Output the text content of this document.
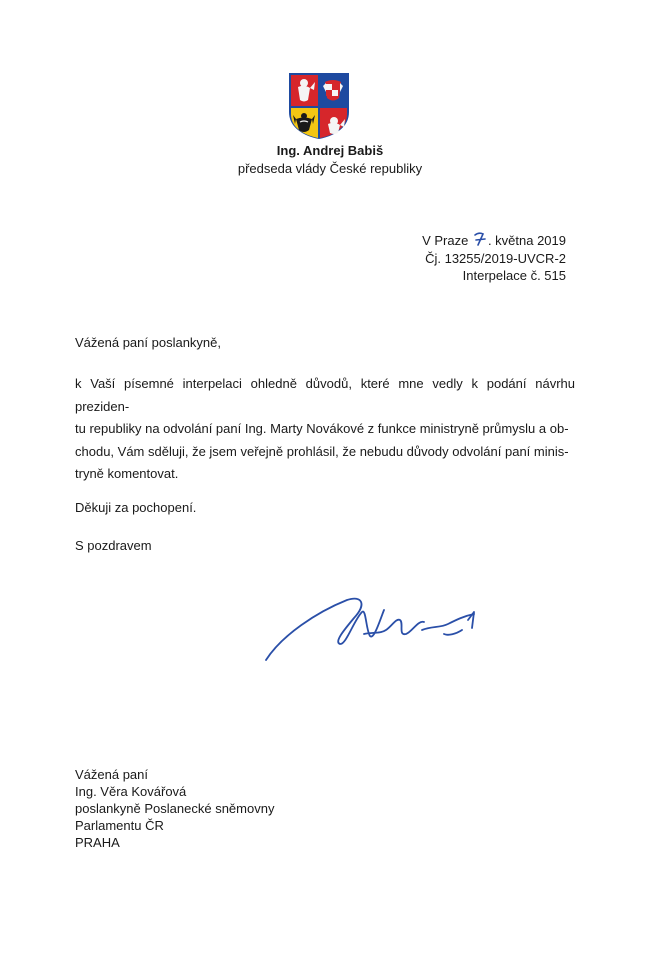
Ing. Andrej Babiš
předseda vlády České republiky
V Praze . května 2019
Čj. 13255/2019-UVCR-2
Interpelace č. 515
Vážená paní poslankyně,
k Vaší písemné interpelaci ohledně důvodů, které mne vedly k podání návrhu preziden-
tu republiky na odvolání paní Ing. Marty Novákové z funkce ministryně průmyslu a ob-
chodu, Vám sděluji, že jsem veřejně prohlásil, že nebudu důvody odvolání paní minis-
tryně komentovat.
Děkuji za pochopení.
S pozdravem
Vážená paní
Ing. Věra Kovářová
poslankyně Poslanecké sněmovny
Parlamentu ČR
PRAHA
